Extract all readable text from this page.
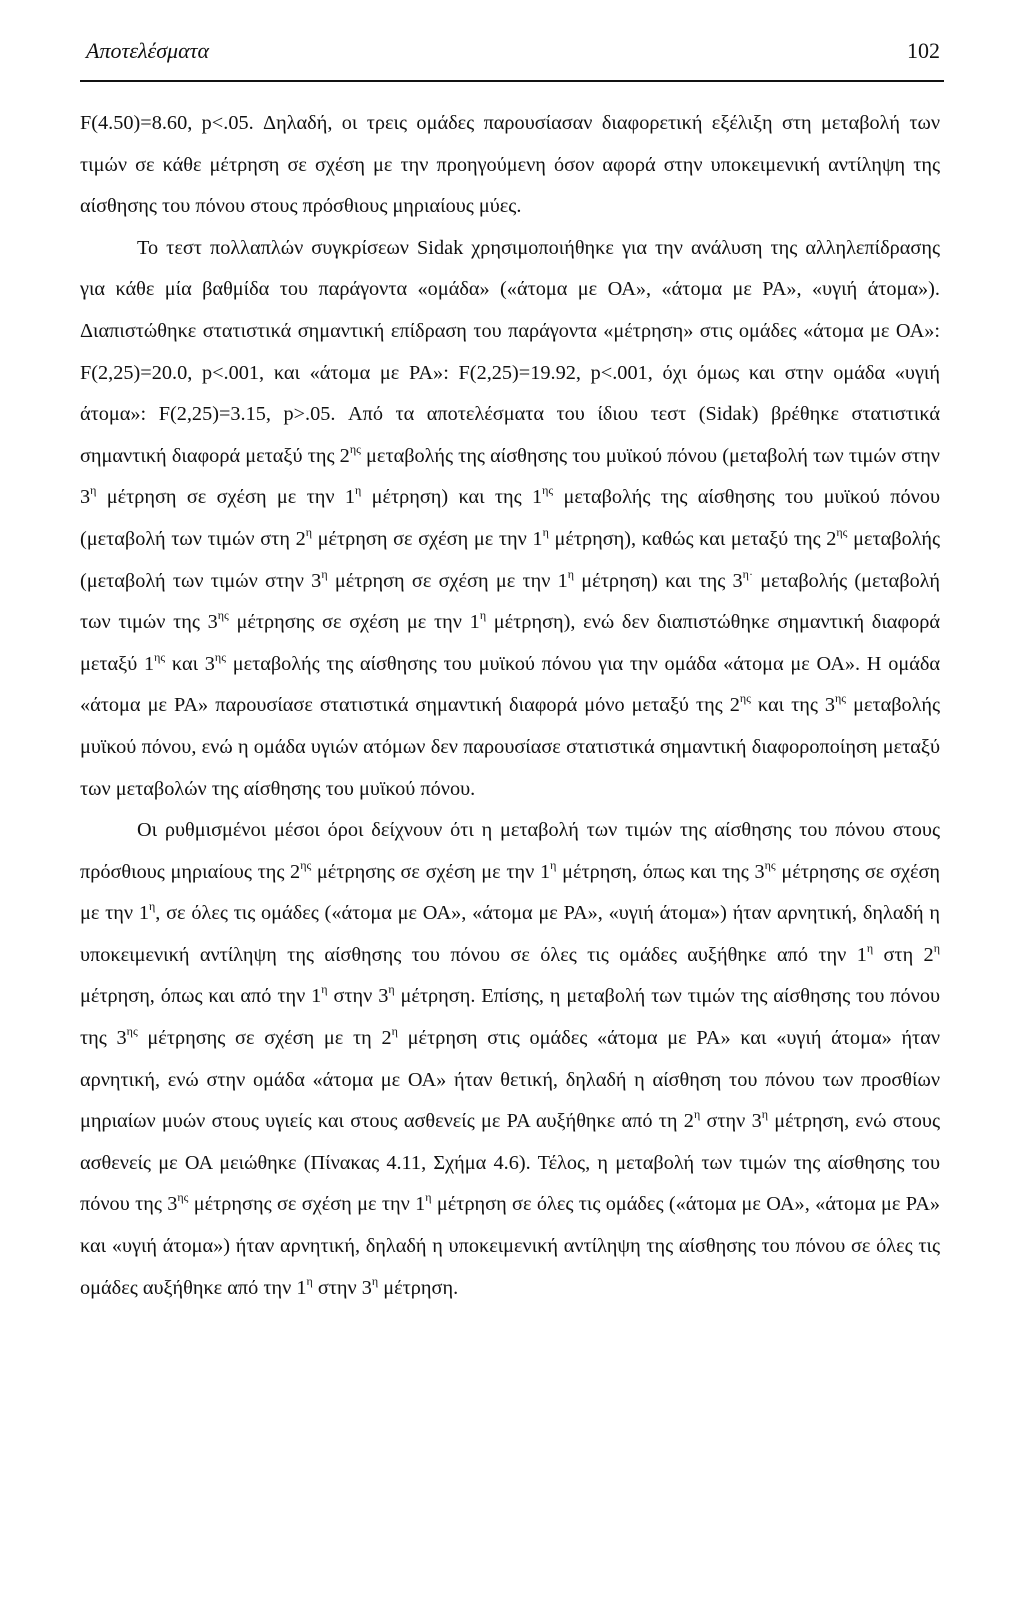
Αποτελέσματα	102

F(4.50)=8.60, p<.05. Δηλαδή, οι τρεις ομάδες παρουσίασαν διαφορετική εξέλιξη στη μεταβολή των τιμών σε κάθε μέτρηση σε σχέση με την προηγούμενη όσον αφορά στην υποκειμενική αντίληψη της αίσθησης του πόνου στους πρόσθιους μηριαίους μύες.

Το τεστ πολλαπλών συγκρίσεων Sidak χρησιμοποιήθηκε για την ανάλυση της αλληλεπίδρασης για κάθε μία βαθμίδα του παράγοντα «ομάδα» («άτομα με ΟΑ», «άτομα με PA», «υγιή άτομα»). Διαπιστώθηκε στατιστικά σημαντική επίδραση του παράγοντα «μέτρηση» στις ομάδες «άτομα με ΟΑ»: F(2,25)=20.0, p<.001, και «άτομα με PA»: F(2,25)=19.92, p<.001, όχι όμως και στην ομάδα «υγιή άτομα»: F(2,25)=3.15, p>.05. Από τα αποτελέσματα του ίδιου τεστ (Sidak) βρέθηκε στατιστικά σημαντική διαφορά μεταξύ της $2^{\eta\varsigma}$ μεταβολής της αίσθησης του μυϊκού πόνου (μεταβολή των τιμών στην $3^\eta$ μέτρηση σε σχέση με την $1^\eta$ μέτρηση) και της $1^{\eta\varsigma}$ μεταβολής της αίσθησης του μυϊκού πόνου (μεταβολή των τιμών στη $2^\eta$ μέτρηση σε σχέση με την $1^\eta$ μέτρηση), καθώς και μεταξύ της $2^{\eta\varsigma}$ μεταβολής (μεταβολή των τιμών στην $3^\eta$ μέτρηση σε σχέση με την $1^\eta$ μέτρηση) και της $3^{\eta\cdot}$ μεταβολής (μεταβολή των τιμών της $3^{\eta\varsigma}$ μέτρησης σε σχέση με την $1^\eta$ μέτρηση), ενώ δεν διαπιστώθηκε σημαντική διαφορά μεταξύ $1^{\eta\varsigma}$ και $3^{\eta\varsigma}$ μεταβολής της αίσθησης του μυϊκού πόνου για την ομάδα «άτομα με ΟΑ». Η ομάδα «άτομα με PA» παρουσίασε στατιστικά σημαντική διαφορά μόνο μεταξύ της $2^{\eta\varsigma}$ και της $3^{\eta\varsigma}$ μεταβολής μυϊκού πόνου, ενώ η ομάδα υγιών ατόμων δεν παρουσίασε στατιστικά σημαντική διαφοροποίηση μεταξύ των μεταβολών της αίσθησης του μυϊκού πόνου.

Οι ρυθμισμένοι μέσοι όροι δείχνουν ότι η μεταβολή των τιμών της αίσθησης του πόνου στους πρόσθιους μηριαίους της $2^{\eta\varsigma}$ μέτρησης σε σχέση με την $1^\eta$ μέτρηση, όπως και της $3^{\eta\varsigma}$ μέτρησης σε σχέση με την $1^\eta$, σε όλες τις ομάδες («άτομα με ΟΑ», «άτομα με PA», «υγιή άτομα») ήταν αρνητική, δηλαδή η υποκειμενική αντίληψη της αίσθησης του πόνου σε όλες τις ομάδες αυξήθηκε από την $1^\eta$ στη $2^\eta$ μέτρηση, όπως και από την $1^\eta$ στην $3^\eta$ μέτρηση. Επίσης, η μεταβολή των τιμών της αίσθησης του πόνου της $3^{\eta\varsigma}$ μέτρησης σε σχέση με τη $2^\eta$ μέτρηση στις ομάδες «άτομα με PA» και «υγιή άτομα» ήταν αρνητική, ενώ στην ομάδα «άτομα με ΟΑ» ήταν θετική, δηλαδή η αίσθηση του πόνου των προσθίων μηριαίων μυών στους υγιείς και στους ασθενείς με PA αυξήθηκε από τη $2^\eta$ στην $3^\eta$ μέτρηση, ενώ στους ασθενείς με ΟΑ μειώθηκε (Πίνακας 4.11, Σχήμα 4.6). Τέλος, η μεταβολή των τιμών της αίσθησης του πόνου της $3^{\eta\varsigma}$ μέτρησης σε σχέση με την $1^\eta$ μέτρηση σε όλες τις ομάδες («άτομα με ΟΑ», «άτομα με PA» και «υγιή άτομα») ήταν αρνητική, δηλαδή η υποκειμενική αντίληψη της αίσθησης του πόνου σε όλες τις ομάδες αυξήθηκε από την $1^\eta$ στην $3^\eta$ μέτρηση.
